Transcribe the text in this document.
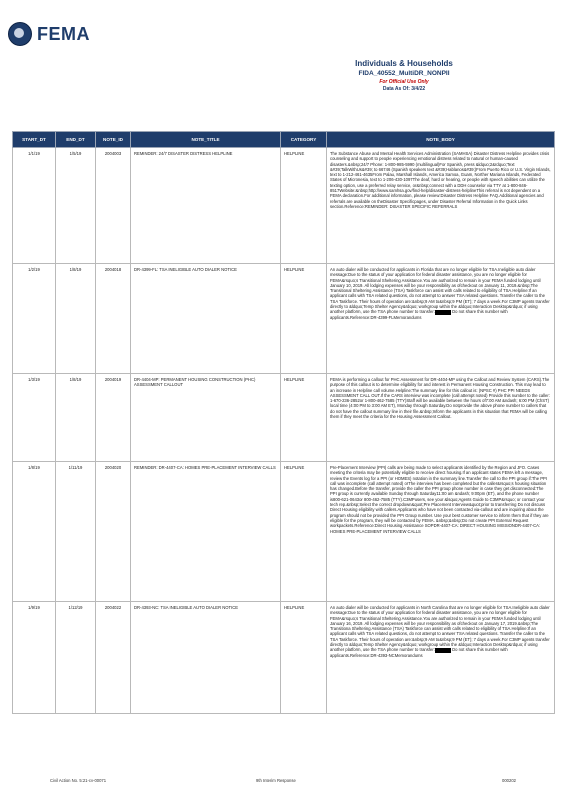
FEMA
Individuals & Households
FIDA_40552_MultiDR_NONPII
For Official Use Only
Data As Of: 3/4/22
START_DT	END_DT	NOTE_ID	NOTE_TITLE	CATEGORY	NOTE_BODY
1/1/19	1/5/19	2004003	REMINDER: 24/7 DISASTER DISTRESS HELPLINE	HELPLINE	The Substance Abuse and Mental Health Services Administration (SAMHSA) Disaster Distress Helpline provides crisis counseling and support to people experiencing emotional distress related to natural or human-caused disasters.&nbsp;24/7 Phone: 1-800-985-5990 (multilingual)For Spanish, press &ldquo;2&rdquo;Text &#39;TalkWithUs&#39; to 66746 (Spanish speakers text &#39;Hablanos&#39;)From Puerto Rico or U.S. Virgin Islands, text to 1-212-461-4635From Palau, Marshall Islands, America Samoa, Guam, Norther Mariana Islands, Federated States of Micronesia, text to 1-206-430-1097The deaf, hard or hearing, or people with speech abilities can utilize the texting option, use a preferred relay service, or&nbsp;connect with a DDH counselor via TTY at 1-800-846-8517Website:&nbsp;http://www.samhsa.gov/find-help/disaster-distress-helplineThis referral is not dependent on a FEMA declaration.For additional information, please review:Disaster Distress Helpline FAQ.Additional agencies and referrals are available on theDisaster Specificpages, under Disaster Referral Information in the Quick Links section.Reference:REMINDER: DISASTER SPECIFIC REFERRALS
1/2/19	1/8/19	2004018	DR-4399-FL: TSA INELIGIBLE AUTO DIALER NOTICE	HELPLINE	An auto dialer will be conducted for applicants in Florida that are no longer eligible for TSA.Ineligible auto dialer message:Due to the status of your application for federal disaster assistance, you are no longer eligible for FEMA&rsquo;s Transitional Sheltering Assistance.You are authorized to remain in your FEMA funded lodging until January 10, 2019. All lodging expenses will be your responsibility as ofcheckout on January 11, 2019.&nbsp;The Transitional Sheltering Assistance (TSA) Taskforce can assist with calls related to eligibility of TSA.Helpline:If an applicant calls with TSA related questions, do not attempt to answer TSA related questions. Transfer the caller to the TSA Taskforce. Their hours of operation are:&nbsp;9 AM to&nbsp;9 PM (ET); 7 days a week.For C3MP agents transfer directly to &ldquo;Temp Shelter Agency&rdquo; workgroup within the &ldquo;Interaction Desktop&rdquo; if using another platform, use the TSA phone number to transfer: Do not share this number with applicants.Reference:DR-4399-FLMemorandums
1/3/19	1/8/19	2004019	DR-4404-MP: PERMANENT HOUSING CONSTRUCTION (PHC) ASSESSMENT CALLOUT	HELPLINE	FEMA is performing a callout for PHC Assessment for DR-4404-MP using the Callout and Review System (CARS).The purpose of this callout is to determine eligibility for and interest in Permanent Housing Construction. This may lead to an increase in Helpline call volume.Helpline:The summary line for this callout is: (NPSC #) PHC PPI NEEDS ASSESSMENT CALL OUT.If the CARS interview was incomplete (call attempt noted) Provide this number to the caller: 1-670-236-2852or 1-800-462-7585 (TTY)Staff will be available between the hours of7:00 AM &ndash; 6:00 PM (ChST) local time (4:00 PM to 3:00 AM ET), Monday through Saturday.Do notprovide the above phone number to callers that do not have the callout summary line in their file.&nbsp;Inform the applicants in this situation that FEMA will be calling them if they meet the criteria for the Housing Assessment Callout.
1/8/19	1/11/19	2004020	REMINDER: DR-4407-CA: HOMES PRE-PLACEMENT INTERVIEW CALLS	HELPLINE	Pre-Placement Interview (PPI) calls are being made to select applicants identified by the Region and JFO. Cases meeting the criteria may be potentially eligible to receive direct housing.If an applicant states FEMA left a message, review the Events log for a PPI (or HOMES) notation in the summary line.Transfer the call to the PPI group if:The PPI call was incomplete (call attempt noted) orThe interview has been completed but the caller&rsquo;s housing situation has changed.Before the transfer, provide the caller the PPI group phone number in case they get disconnected:The PPI group is currently available Sunday through Saturday11:00 am &ndash; 9:00pm (ET), and the phone number is800-621-0643or 800-462-7585 (TTY).C3MPusers, see your &lsquo;Agents Guide to C3MP&rsquo; or contact your tech rep.&nbsp;Select the correct dropdown&quot;Pre Placement Interview&quot;prior to transferring Do not discuss Direct Housing eligibility with callers.Applicants who have not been contacted via-callout and are inquiring about the program should not be provided the PPI Group number. Use your best customer service to inform them that if they are eligible for the program, they will be contacted by FEMA. &nbsp;&nbsp;Do not create PPI External Request workpackets.Reference:Direct Housing Assistance SOPDR-4407-CA: DIRECT HOUSING MISSIONDR-4407-CA: HOMES PRE-PLACEMENT INTERVIEW CALLS
1/9/19	1/12/19	2004022	DR-4393-NC: TSA INELIGIBLE AUTO DIALER NOTICE	HELPLINE	An auto dialer will be conducted for applicants in North Carolina that are no longer eligible for TSA.Ineligible auto dialer message:Due to the status of your application for federal disaster assistance, you are no longer eligible for FEMA&rsquo;s Transitional Sheltering Assistance.You are authorized to remain in your FEMA funded lodging until January 16, 2019. All lodging expenses will be your responsibility as ofcheckout on January 17, 2019.&nbsp;The Transitiona Sheltering Assistance (TSA) Taskforce can assist with calls related to eligibility of TSA.Helpline:If an applicant calls with TSA related questions, do not attempt to answer TSA related questions. Transfer the caller to the TSA Taskforce. Their hours of operation are:&nbsp;9 AM to&nbsp;9 PM (ET); 7 days a week.For C3MP agents transfer directly to &ldquo;Temp Shelter Agency&rdquo; workgroup within the &ldquo;Interaction Desktop&rdquo; if using another platform, use the TSA phone number to transfer: Do not share this number with applicants.Reference:DR-4393-NCMemorandums
Civil Action No. 5:21-cv-00071	9th Interim Response	000202
